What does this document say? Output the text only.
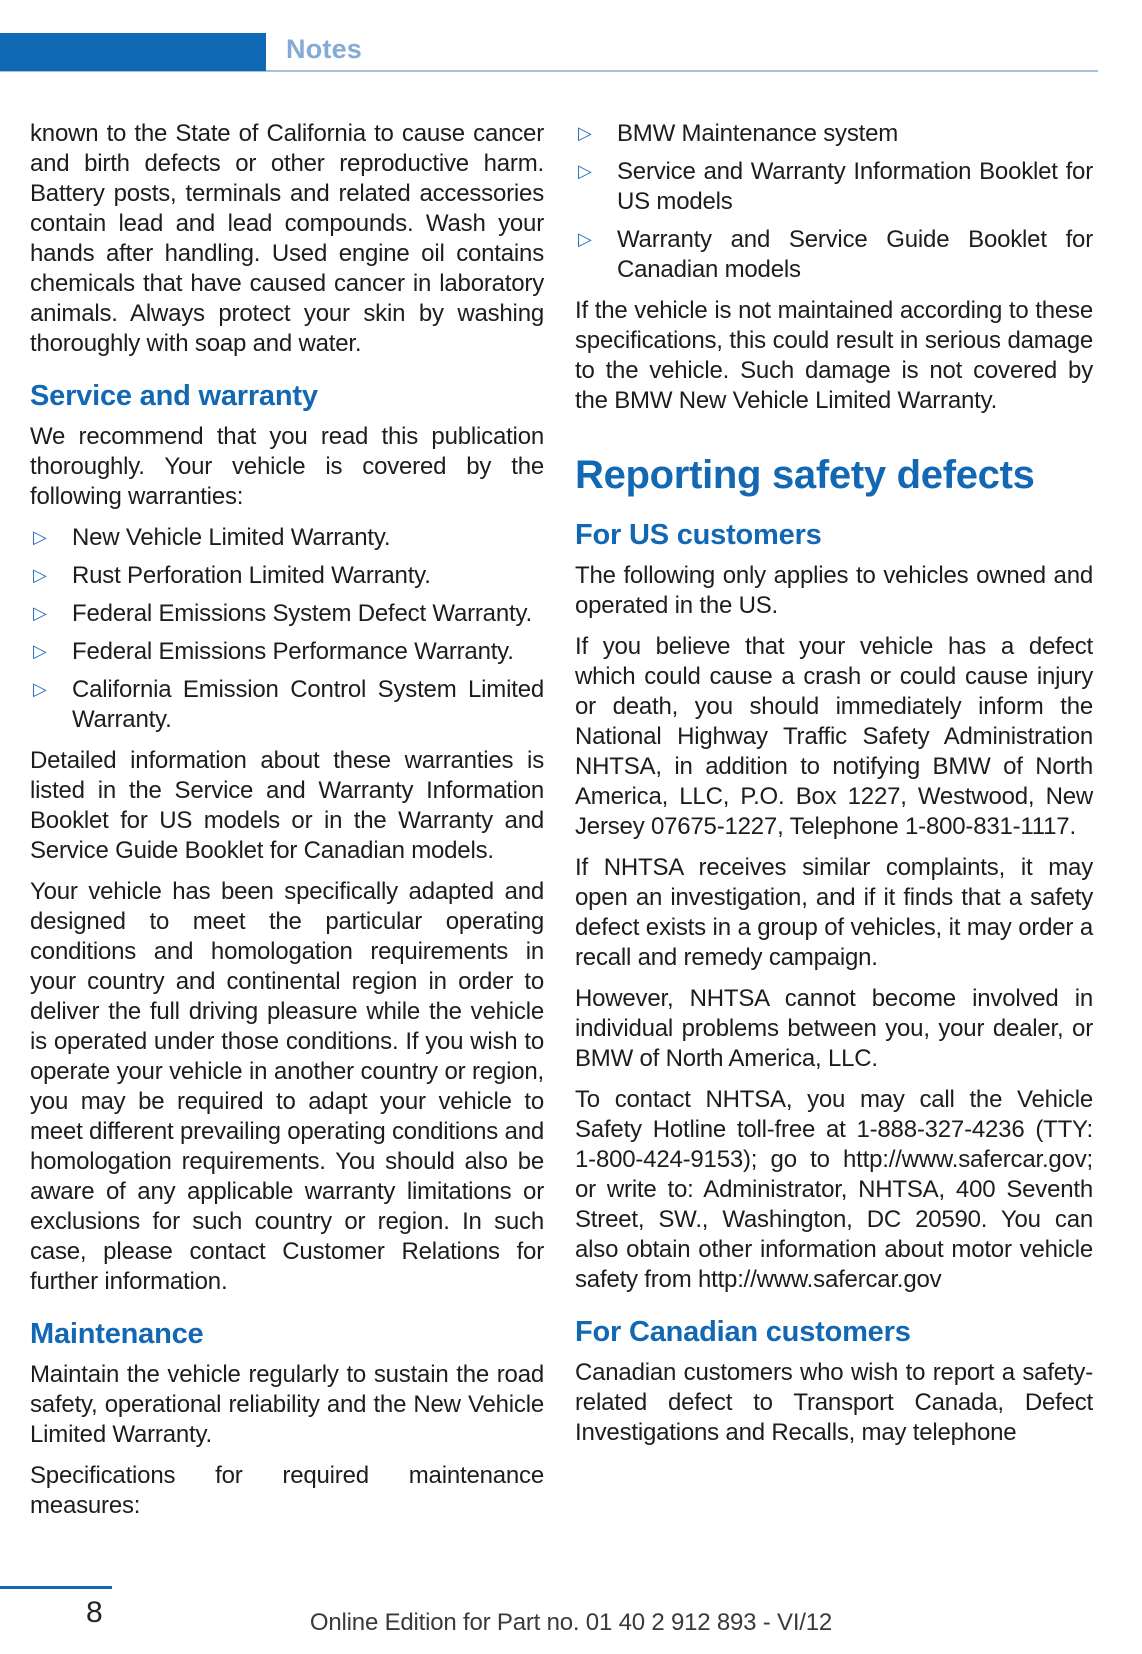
Notes

known to the State of California to cause cancer and birth defects or other reproductive harm. Battery posts, terminals and related accessories contain lead and lead compounds. Wash your hands after handling. Used engine oil contains chemicals that have caused cancer in laboratory animals. Always protect your skin by washing thoroughly with soap and water.

Service and warranty

We recommend that you read this publication thoroughly. Your vehicle is covered by the following warranties:

▷ New Vehicle Limited Warranty.
▷ Rust Perforation Limited Warranty.
▷ Federal Emissions System Defect Warranty.
▷ Federal Emissions Performance Warranty.
▷ California Emission Control System Limited Warranty.

Detailed information about these warranties is listed in the Service and Warranty Information Booklet for US models or in the Warranty and Service Guide Booklet for Canadian models.

Your vehicle has been specifically adapted and designed to meet the particular operating conditions and homologation requirements in your country and continental region in order to deliver the full driving pleasure while the vehicle is operated under those conditions. If you wish to operate your vehicle in another country or region, you may be required to adapt your vehicle to meet different prevailing operating conditions and homologation requirements. You should also be aware of any applicable warranty limitations or exclusions for such country or region. In such case, please contact Customer Relations for further information.

Maintenance

Maintain the vehicle regularly to sustain the road safety, operational reliability and the New Vehicle Limited Warranty.

Specifications for required maintenance measures:

▷ BMW Maintenance system
▷ Service and Warranty Information Booklet for US models
▷ Warranty and Service Guide Booklet for Canadian models

If the vehicle is not maintained according to these specifications, this could result in serious damage to the vehicle. Such damage is not covered by the BMW New Vehicle Limited Warranty.

Reporting safety defects
For US customers

The following only applies to vehicles owned and operated in the US.

If you believe that your vehicle has a defect which could cause a crash or could cause injury or death, you should immediately inform the National Highway Traffic Safety Administration NHTSA, in addition to notifying BMW of North America, LLC, P.O. Box 1227, Westwood, New Jersey 07675-1227, Telephone 1-800-831-1117.

If NHTSA receives similar complaints, it may open an investigation, and if it finds that a safety defect exists in a group of vehicles, it may order a recall and remedy campaign.

However, NHTSA cannot become involved in individual problems between you, your dealer, or BMW of North America, LLC.

To contact NHTSA, you may call the Vehicle Safety Hotline toll-free at 1-888-327-4236 (TTY: 1-800-424-9153); go to http://www.safercar.gov; or write to: Administrator, NHTSA, 400 Seventh Street, SW., Washington, DC 20590. You can also obtain other information about motor vehicle safety from http://www.safercar.gov

For Canadian customers

Canadian customers who wish to report a safety-related defect to Transport Canada, Defect Investigations and Recalls, may telephone

8	Online Edition for Part no. 01 40 2 912 893 - VI/12
